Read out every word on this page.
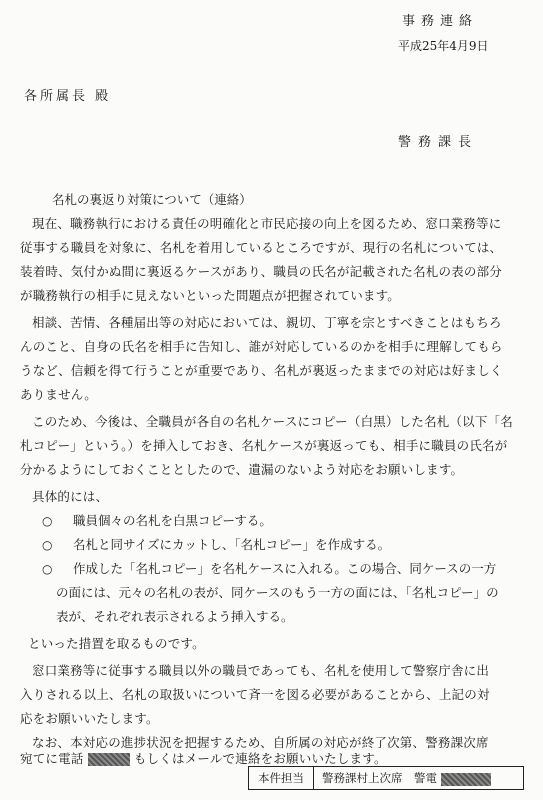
事務連絡
平成25年4月9日
各所属長 殿
警務課長
名札の裏返り対策について（連絡）
現在、職務執行における責任の明確化と市民応接の向上を図るため、窓口業務等に
従事する職員を対象に、名札を着用しているところですが、現行の名札については、
装着時、気付かぬ間に裏返るケースがあり、職員の氏名が記載された名札の表の部分
が職務執行の相手に見えないといった問題点が把握されています。
相談、苦情、各種届出等の対応においては、親切、丁寧を宗とすべきことはもちろ
んのこと、自身の氏名を相手に告知し、誰が対応しているのかを相手に理解してもら
うなど、信頼を得て行うことが重要であり、名札が裏返ったままでの対応は好ましく
ありません。
このため、今後は、全職員が各自の名札ケースにコピー（白黒）した名札（以下「名
札コピー」という。）を挿入しておき、名札ケースが裏返っても、相手に職員の氏名が
分かるようにしておくこととしたので、遺漏のないよう対応をお願いします。
具体的には、
○ 職員個々の名札を白黒コピーする。
○ 名札と同サイズにカットし、「名札コピー」を作成する。
○ 作成した「名札コピー」を名札ケースに入れる。この場合、同ケースの一方
の面には、元々の名札の表が、同ケースのもう一方の面には、「名札コピー」の
表が、それぞれ表示されるよう挿入する。
といった措置を取るものです。
窓口業務等に従事する職員以外の職員であっても、名札を使用して警察庁舎に出
入りされる以上、名札の取扱いについて斉一を図る必要があることから、上記の対
応をお願いいたします。
なお、本対応の進捗状況を把握するため、自所属の対応が終了次第、警務課次席
宛てに電話	もしくはメールで連絡をお願いいたします。
本件担当	警務課村上次席　警電
